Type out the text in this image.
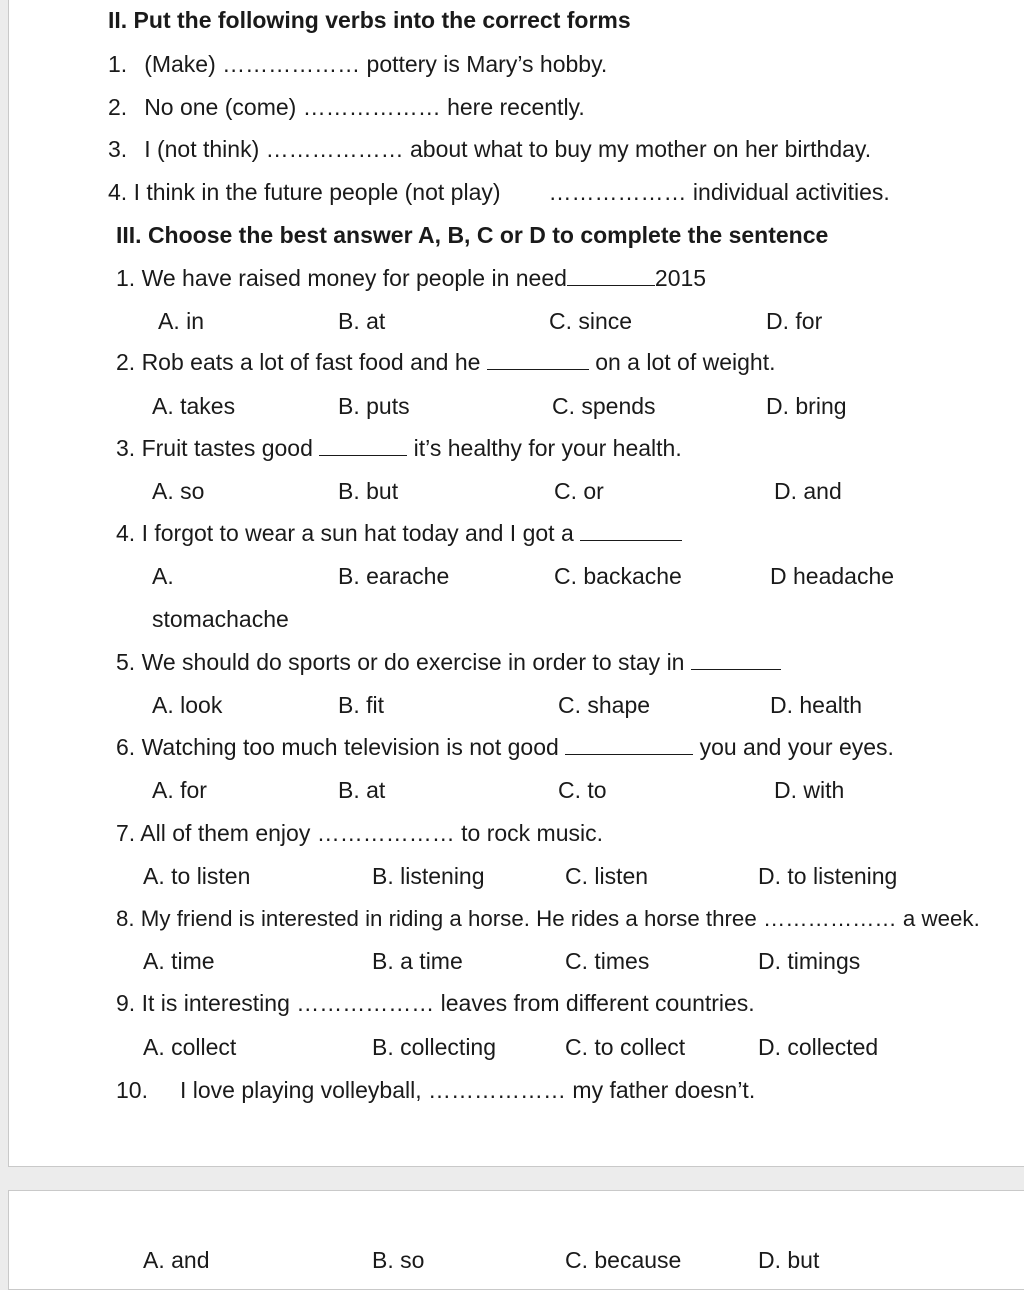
II. Put the following verbs into the correct forms
1. (Make) ……………… pottery is Mary’s hobby.
2. No one (come) ……………… here recently.
3. I (not think) ……………… about what to buy my mother on her birthday.
4. I think in the future people (not play) ……………… individual activities.
III. Choose the best answer A, B, C or D to complete the sentence
1. We have raised money for people in need	2015
A. in	B. at	C. since	D. for
2. Rob eats a lot of fast food and he	on a lot of weight.
A. takes	B. puts	C. spends	D. bring
3. Fruit tastes good	it’s healthy for your health.
A. so	B. but	C. or	D. and
4. I forgot to wear a sun hat today and I got a
A.	B. earache	C. backache	D headache
stomachache
5. We should do sports or do exercise in order to stay in
A. look	B. fit	C. shape	D. health
6. Watching too much television is not good	you and your eyes.
A. for	B. at	C. to	D. with
7. All of them enjoy ……………… to rock music.
A. to listen	B. listening	C. listen	D. to listening
8. My friend is interested in riding a horse. He rides a horse three ……………… a week.
A. time	B. a time	C. times	D. timings
9. It is interesting ……………… leaves from different countries.
A. collect	B. collecting	C. to collect	D. collected
10. I love playing volleyball, ……………… my father doesn’t.
A. and	B. so	C. because	D. but
